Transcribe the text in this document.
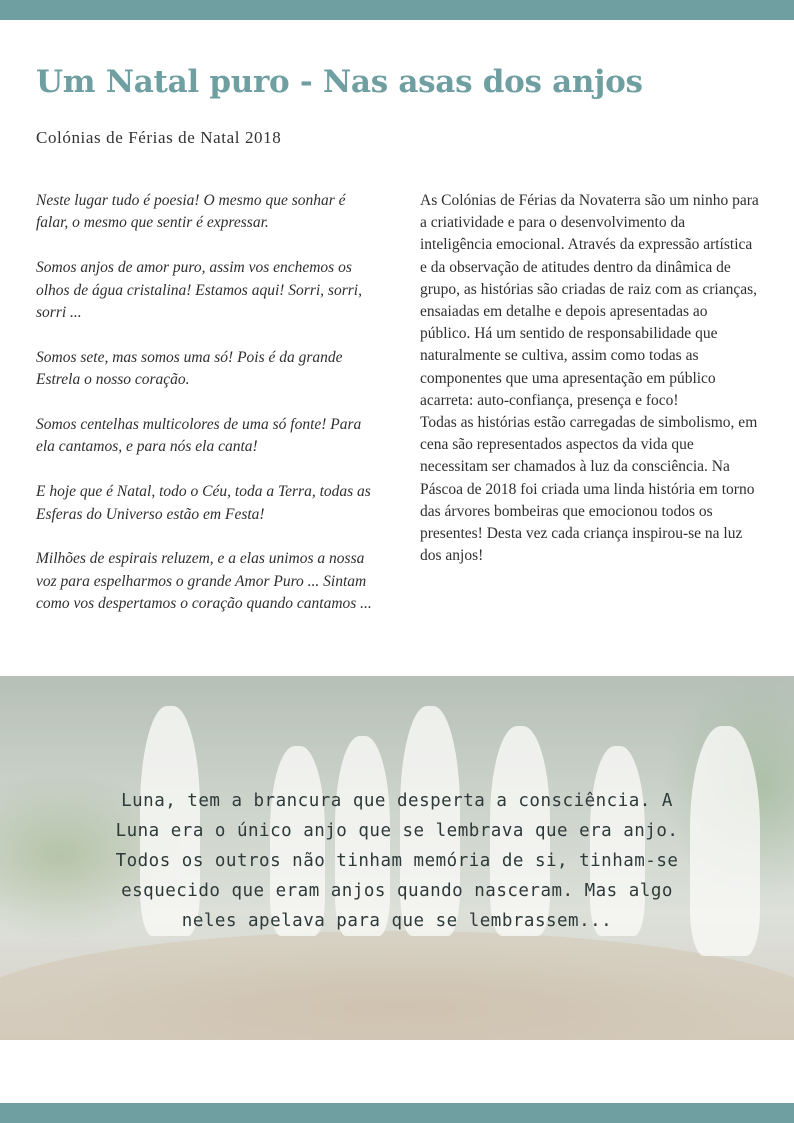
Um Natal puro - Nas asas dos anjos
Colónias de Férias de Natal 2018

Neste lugar tudo é poesia! O mesmo que sonhar é falar, o mesmo que sentir é expressar.

Somos anjos de amor puro, assim vos enchemos os olhos de água cristalina! Estamos aqui! Sorri, sorri, sorri ...

Somos sete, mas somos uma só! Pois é da grande Estrela o nosso coração.

Somos centelhas multicolores de uma só fonte! Para ela cantamos, e para nós ela canta!

E hoje que é Natal, todo o Céu, toda a Terra, todas as Esferas do Universo estão em Festa!

Milhões de espirais reluzem, e a elas unimos a nossa voz para espelharmos o grande Amor Puro ... Sintam como vos despertamos o coração quando cantamos ...

As Colónias de Férias da Novaterra são um ninho para a criatividade e para o desenvolvimento da inteligência emocional. Através da expressão artística e da observação de atitudes dentro da dinâmica de grupo, as histórias são criadas de raiz com as crianças, ensaiadas em detalhe e depois apresentadas ao público. Há um sentido de responsabilidade que naturalmente se cultiva, assim como todas as componentes que uma apresentação em público acarreta: auto-confiança, presença e foco!

Todas as histórias estão carregadas de simbolismo, em cena são representados aspectos da vida que necessitam ser chamados à luz da consciência. Na Páscoa de 2018 foi criada uma linda história em torno das árvores bombeiras que emocionou todos os presentes! Desta vez cada criança inspirou-se na luz dos anjos!

Luna, tem a brancura que desperta a consciência. A Luna era o único anjo que se lembrava que era anjo. Todos os outros não tinham memória de si, tinham-se esquecido que eram anjos quando nasceram. Mas algo neles apelava para que se lembrassem...
